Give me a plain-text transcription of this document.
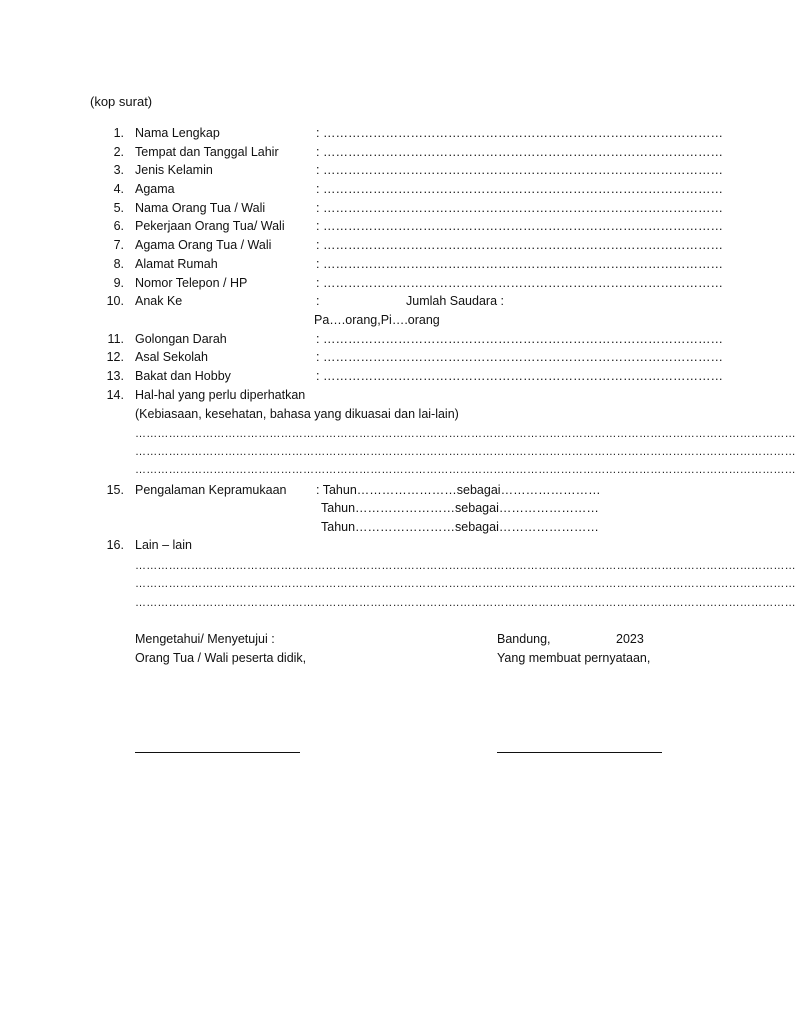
(kop surat)
1. Nama Lengkap	: ……………………………………………………………………………………
2. Tempat dan Tanggal Lahir	: ……………………………………………………………………………………
3. Jenis Kelamin	: ……………………………………………………………………………………
4. Agama	: ……………………………………………………………………………………
5. Nama Orang Tua / Wali	: ……………………………………………………………………………………
6. Pekerjaan Orang Tua/ Wali	: ……………………………………………………………………………………
7. Agama Orang Tua / Wali	: ……………………………………………………………………………………
8. Alamat Rumah	: ……………………………………………………………………………………
9. Nomor Telepon / HP	: ……………………………………………………………………………………
10. Anak Ke	:	Jumlah Saudara :
Pa….orang,Pi….orang
11. Golongan Darah	: ……………………………………………………………………………………
12. Asal Sekolah	: ……………………………………………………………………………………
13. Bakat dan Hobby	: ……………………………………………………………………………………
14. Hal-hal yang perlu diperhatkan
(Kebiasaan, kesehatan, bahasa yang dikuasai dan lai-lain)
……………………………………………………………………………………………………………………………………………………………
……………………………………………………………………………………………………………………………………………………………
……………………………………………………………………………………………………………………………………………………………
15. Pengalaman Kepramukaan : Tahun……………………sebagai……………………
Tahun……………………sebagai……………………
Tahun……………………sebagai……………………
16. Lain – lain
……………………………………………………………………………………………………………………………………………………………
……………………………………………………………………………………………………………………………………………………………
……………………………………………………………………………………………………………………………………………………………
Mengetahui/ Menyetujui :
Orang Tua / Wali peserta didik,
Bandung,	2023
Yang membuat pernyataan,
